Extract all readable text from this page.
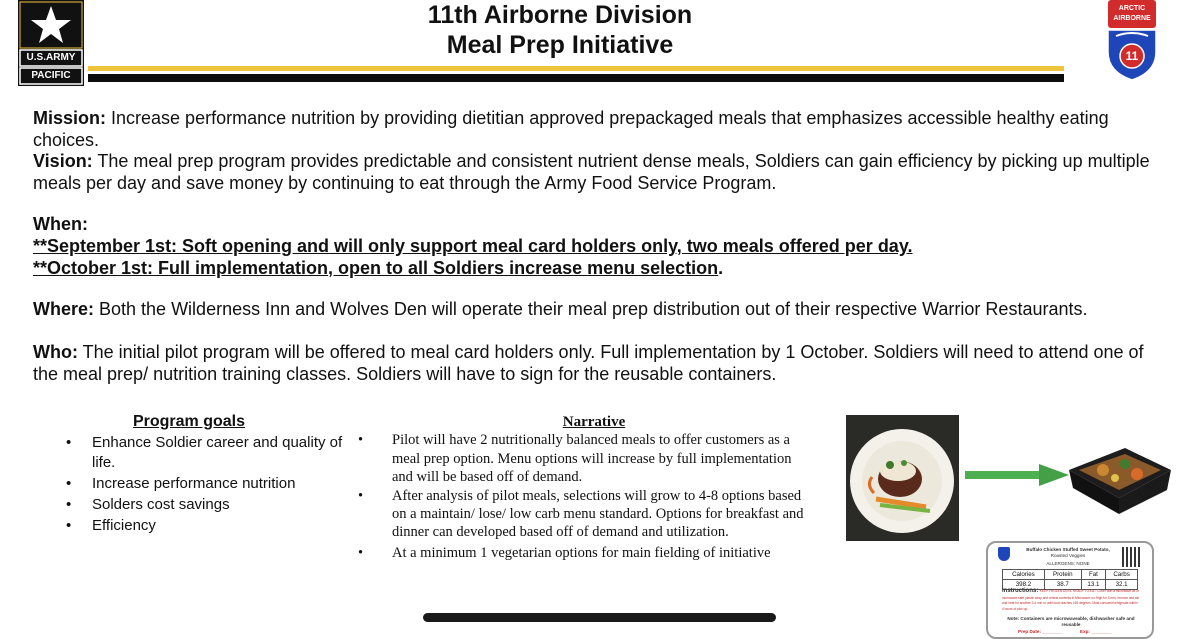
U.S.ARMY
PACIFIC
11th Airborne Division
Meal Prep Initiative
ARCTIC
AIRBORNE
11
Mission: Increase performance nutrition by providing dietitian approved prepackaged meals that emphasizes accessible healthy eating choices.
Vision: The meal prep program provides predictable and consistent nutrient dense meals, Soldiers can gain efficiency by picking up multiple meals per day and save money by continuing to eat through the Army Food Service Program.
When:
**September 1st: Soft opening and will only support meal card holders only, two meals offered per day.
**October 1st: Full implementation, open to all Soldiers increase menu selection.
Where: Both the Wilderness Inn and Wolves Den will operate their meal prep distribution out of their respective Warrior Restaurants.
Who: The initial pilot program will be offered to meal card holders only. Full implementation by 1 October. Soldiers will need to attend one of the meal prep/ nutrition training classes. Soldiers will have to sign for the reusable containers.
Program goals
• Enhance Soldier career and quality of life.
• Increase performance nutrition
• Solders cost savings
• Efficiency
Narrative
• Pilot will have 2 nutritionally balanced meals to offer customers as a meal prep option. Menu options will increase by full implementation and will be based off of demand.
• After analysis of pilot meals, selections will grow to 4-8 options based on a maintain/ lose/ low carb menu standard. Options for breakfast and dinner can developed based off of demand and utilization.
• At a minimum 1 vegetarian options for main fielding of initiative	Buffalo Chicken Stuffed Sweet Potato,
Roasted Veggies
ALLERGENS: NONE
Calories	Protein	Fat	Carbs
398.2	38.7	13.1	32.1
Instructions: KEEP FROZEN UNTIL READY TO EAT. Cover with a microwave lid or microwave safe plastic wrap and reheat contents in Microwave on High for 3 min, remove and stir and heat for another 3-4 min or until food reaches 165 degrees. Must consume/refrigerate within 4 hours of pick up.
Note: Containers are microwaveable, dishwasher safe and reusable
Prep Date: ________	Exp: ________
